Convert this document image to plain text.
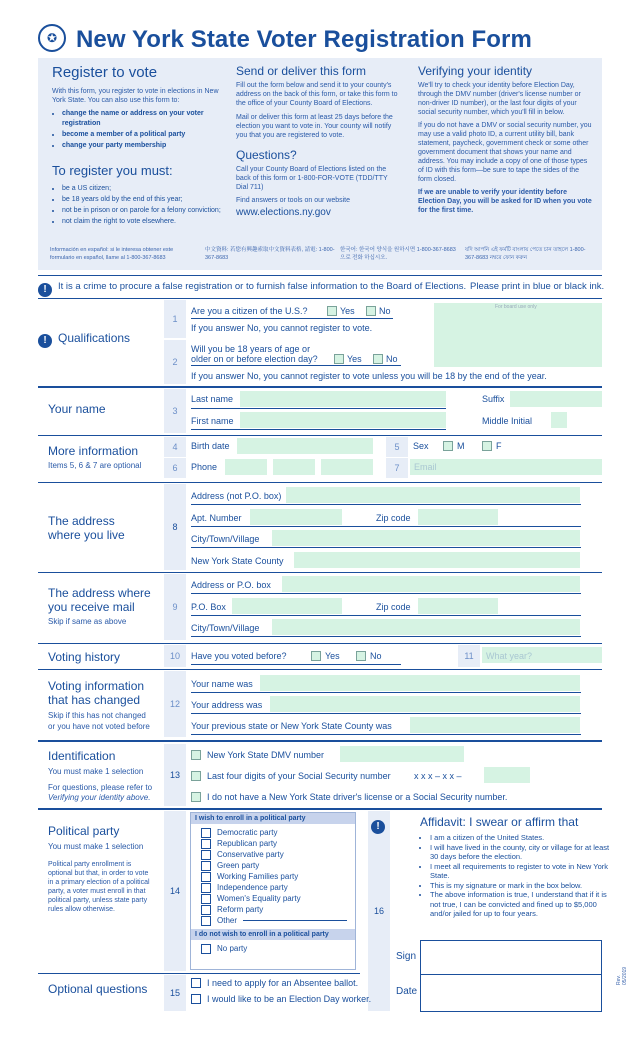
✪ New York State Voter Registration Form
Register to vote
With this form, you register to vote in elections in New York State. You can also use this form to:
• change the name or address on your voter registration
• become a member of a political party
• change your party membership
To register you must:
• be a US citizen;
• be 18 years old by the end of this year;
• not be in prison or on parole for a felony conviction;
• not claim the right to vote elsewhere.
Send or deliver this form
Fill out the form below and send it to your county's address on the back of this form, or take this form to the office of your County Board of Elections.
Mail or deliver this form at least 25 days before the election you want to vote in. Your county will notify you that you are registered to vote.
Questions?
Call your County Board of Elections listed on the back of this form or 1-800-FOR-VOTE (TDD/TTY Dial 711)
Find answers or tools on our website
www.elections.ny.gov
Verifying your identity
We'll try to check your identity before Election Day, through the DMV number (driver's license number or non-driver ID number), or the last four digits of your social security number, which you'll fill in below.
If you do not have a DMV or social security number, you may use a valid photo ID, a current utility bill, bank statement, paycheck, government check or some other government document that shows your name and address. You may include a copy of one of those types of ID with this form—be sure to tape the sides of the form closed.
If we are unable to verify your identity before Election Day, you will be asked for ID when you vote for the first time.
Información en español: si le interesa obtener este formulario en español, llame al 1-800-367-8683
中文資料: 若您有興趣索取中文資料表格, 請電: 1-800-367-8683
한국어: 한국어 양식을 원하시면 1-800-367-8683 으로 전화 하십시오.
যদি আপনি এই ফর্মটি বাংলায় পেতে চান তাহলে 1-800-367-8683 নম্বরে ফোন করুন
!	It is a crime to procure a false registration or to furnish false information to the Board of Elections. Please print in blue or black ink.
! Qualifications
1
2
Are you a citizen of the U.S.?	Yes	No
If you answer No, you cannot register to vote.
For board use only
Will you be 18 years of age or
older on or before election day?	Yes	No
If you answer No, you cannot register to vote unless you will be 18 by the end of the year.
Your name	3
Last name	Suffix
First name	Middle Initial
More information
Items 5, 6 & 7 are optional
4
6
Birth date	5	Sex	M	F
Phone	7	Email
The address
where you live
8
Address (not P.O. box)
Apt. Number	Zip code
City/Town/Village
New York State County
The address where
you receive mail
Skip if same as above
9
Address or P.O. box
P.O. Box	Zip code
City/Town/Village
Voting history	10	Have you voted before?	Yes	No	11	What year?
Voting information
that has changed
Skip if this has not changed
or you have not voted before
12
Your name was
Your address was
Your previous state or New York State County was
Identification
You must make 1 selection
For questions, please refer to
Verifying your identity above.
13
New York State DMV number
Last four digits of your Social Security number	x x x – x x –
I do not have a New York State driver's license or a Social Security number.
Political party
You must make 1 selection
Political party enrollment is optional but that, in order to vote in a primary election of a political party, a voter must enroll in that political party, unless state party rules allow otherwise.
14
I wish to enroll in a political party
Democratic party
Republican party
Conservative party
Green party
Working Families party
Independence party
Women's Equality party
Reform party
Other
I do not wish to enroll in a political party
No party
16
!	Affidavit: I swear or affirm that
• I am a citizen of the United States.
• I will have lived in the county, city or village for at least 30 days before the election.
• I meet all requirements to register to vote in New York State.
• This is my signature or mark in the box below.
• The above information is true, I understand that if it is not true, I can be convicted and fined up to $5,000 and/or jailed for up to four years.
Sign
Date
Optional questions	15
I need to apply for an Absentee ballot.
I would like to be an Election Day worker.
Rev. 05/2019
